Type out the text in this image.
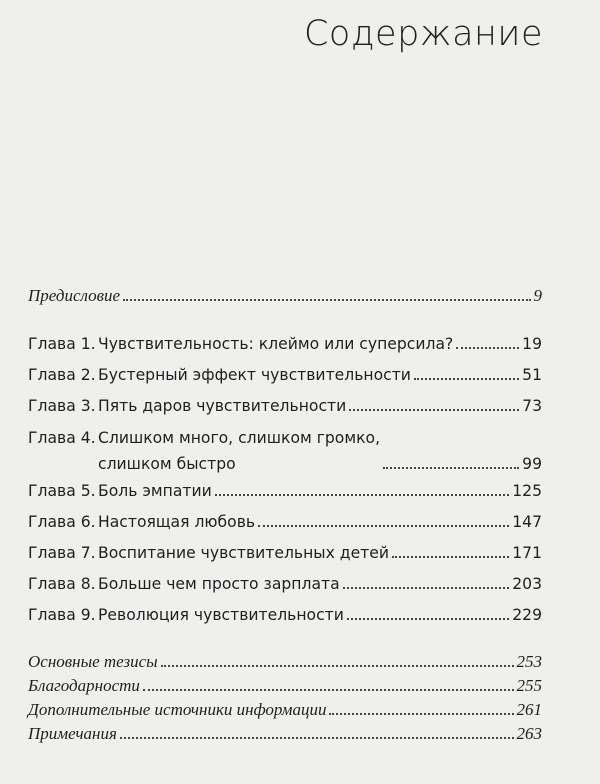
Содержание
Предисловие	9
Глава 1. Чувствительность: клеймо или суперсила?	19
Глава 2. Бустерный эффект чувствительности	51
Глава 3. Пять даров чувствительности	73
Глава 4. Слишком много, слишком громко,
слишком быстро	99
Глава 5. Боль эмпатии	125
Глава 6. Настоящая любовь	147
Глава 7. Воспитание чувствительных детей	171
Глава 8. Больше чем просто зарплата	203
Глава 9. Революция чувствительности	229
Основные тезисы	253
Благодарности	255
Дополнительные источники информации	261
Примечания	263
